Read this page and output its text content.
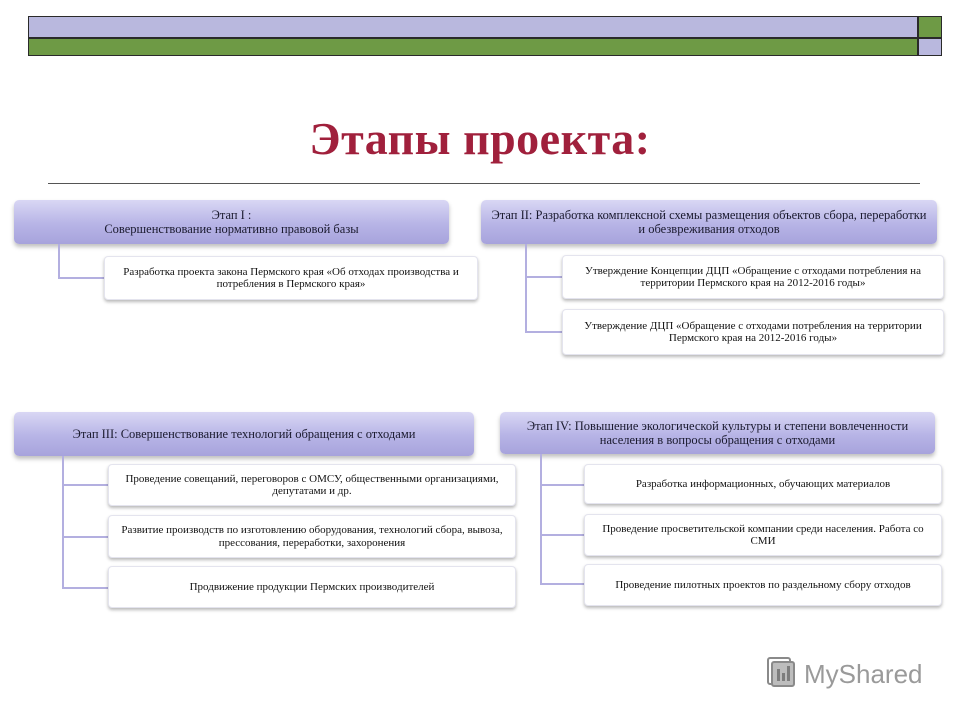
Этапы проекта:
Этап I :
Совершенствование нормативно правовой базы
Разработка проекта закона Пермского края «Об отходах производства и потребления в Пермского края»
Этап II: Разработка комплексной схемы размещения объектов сбора, переработки и обезвреживания отходов
Утверждение Концепции ДЦП «Обращение с отходами потребления на территории Пермского края на 2012-2016 годы»
Утверждение ДЦП «Обращение с отходами потребления на территории Пермского края на 2012-2016 годы»
Этап III: Совершенствование технологий обращения с отходами
Проведение совещаний, переговоров с ОМСУ, общественными организациями, депутатами и др.
Развитие производств по изготовлению оборудования, технологий сбора, вывоза, прессования, переработки, захоронения
Продвижение продукции Пермских производителей
Этап IV: Повышение экологической культуры и степени вовлеченности населения в вопросы обращения с отходами
Разработка информационных, обучающих материалов
Проведение просветительской компании среди населения. Работа со СМИ
Проведение пилотных проектов по раздельному сбору отходов
MyShared
